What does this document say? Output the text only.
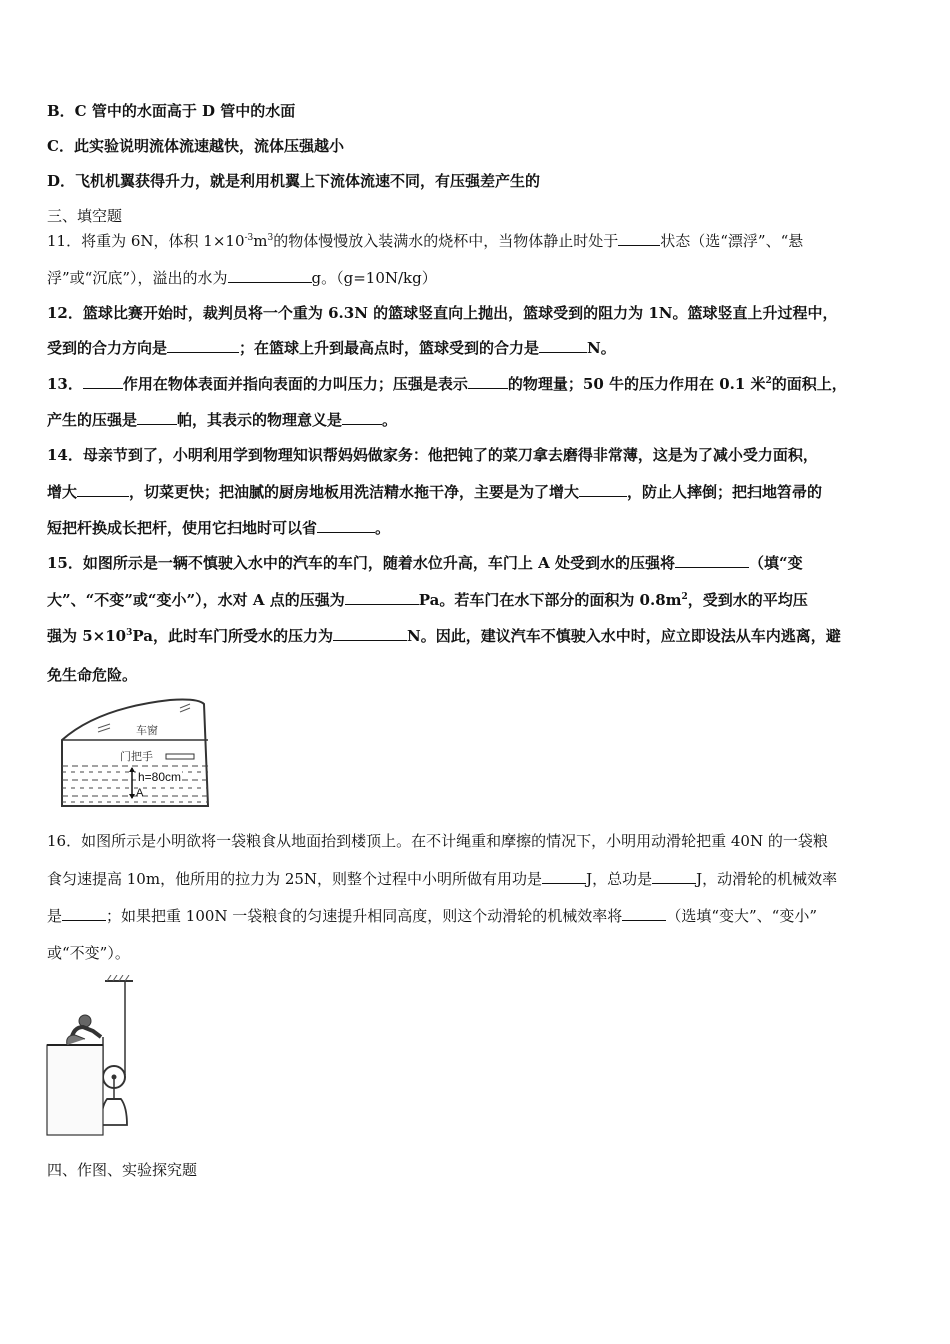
B．C 管中的水面高于 D 管中的水面
C．此实验说明流体流速越快，流体压强越小
D．飞机机翼获得升力，就是利用机翼上下流体流速不同，有压强差产生的
三、填空题
11．将重为 6N，体积 $1\times 10^{-3}m^3$的物体慢慢放入装满水的烧杯中，当物体静止时处于	状态（选“漂浮”、“悬
浮”或“沉底”），溢出的水为	g。（g=10N/kg）
12．篮球比赛开始时，裁判员将一个重为 6.3N 的篮球竖直向上抛出，篮球受到的阻力为 1N。篮球竖直上升过程中，
受到的合力方向是	；在篮球上升到最高点时，篮球受到的合力是	N。
13．	作用在物体表面并指向表面的力叫压力；压强是表示	的物理量；50 牛的压力作用在 0.1 米$^2$的面积上，
产生的压强是	帕，其表示的物理意义是	。
14．母亲节到了，小明利用学到物理知识帮妈妈做家务：他把钝了的菜刀拿去磨得非常薄，这是为了减小受力面积，
增大	，切菜更快；把油腻的厨房地板用洗洁精水拖干净，主要是为了增大	，防止人摔倒；把扫地笤帚的
短把杆换成长把杆，使用它扫地时可以省	。
15．如图所示是一辆不慎驶入水中的汽车的车门，随着水位升高，车门上 A 处受到水的压强将	（填“变
大”、“不变”或“变小”），水对 A 点的压强为	Pa。若车门在水下部分的面积为 $0.8m^2$，受到水的平均压
强为 $5\times 10^3Pa$，此时车门所受水的压力为	N。因此，建议汽车不慎驶入水中时，应立即设法从车内逃离，避
免生命危险。
车窗
门把手
h=80cm
A
16．如图所示是小明欲将一袋粮食从地面抬到楼顶上。在不计绳重和摩擦的情况下，小明用动滑轮把重 40N 的一袋粮
食匀速提高 10m，他所用的拉力为 25N，则整个过程中小明所做有用功是	J，总功是	J，动滑轮的机械效率
是	；如果把重 100N 一袋粮食的匀速提升相同高度，则这个动滑轮的机械效率将	（选填“变大”、“变小”
或“不变”）。
四、作图、实验探究题
